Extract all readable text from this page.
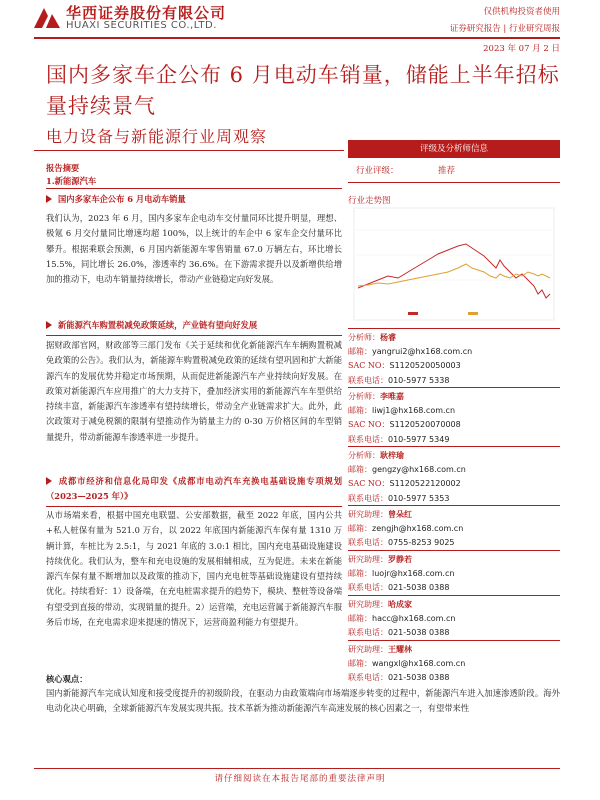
华西证券股份有限公司
HUAXI SECURITIES CO.,LTD.
仅供机构投资者使用
证券研究报告 | 行业研究周报
2023 年 07 月 2 日
国内多家车企公布 6 月电动车销量，储能上半年招标量持续景气
电力设备与新能源行业周观察
报告摘要
1.新能源汽车
国内多家车企公布 6 月电动车销量

我们认为，2023 年 6 月，国内多家车企电动车交付量同环比提升明显，理想、极氪 6 月交付量同比增速均超 100%，以上统计的车企中 6 家车企交付量环比攀升。根据乘联会预测，6 月国内新能源车零售销量 67.0 万辆左右，环比增长 15.5%，同比增长 26.0%，渗透率约 36.6%。在下游需求提升以及新增供给增加的推动下，电动车销量持续增长，带动产业链稳定向好发展。

新能源汽车购置税减免政策延续，产业链有望向好发展

据财政部官网，财政部等三部门发布《关于延续和优化新能源汽车车辆购置税减免政策的公告》。我们认为，新能源车购置税减免政策的延续有望巩固和扩大新能源汽车的发展优势并稳定市场预期，从而促进新能源汽车产业持续向好发展。在政策对新能源汽车应用推广的大力支持下，叠加经济实用的新能源汽车车型供给持续丰富，新能源汽车渗透率有望持续增长，带动全产业链需求扩大。此外，此次政策对于减免税额的限制有望推动作为销量主力的 0-30 万价格区间的车型销量提升，带动新能源车渗透率进一步提升。

成都市经济和信息化局印发《成都市电动汽车充换电基础设施专项规划（2023—2025 年）》

从市场端来看，根据中国充电联盟、公安部数据，截至 2022 年底，国内公共+私人桩保有量为 521.0 万台，以 2022 年底国内新能源汽车保有量 1310 万辆计算，车桩比为 2.5:1，与 2021 年底的 3.0:1 相比，国内充电基础设施建设持续优化。我们认为，整车和充电设施的发展相辅相成，互为促进。未来在新能源汽车保有量不断增加以及政策的推动下，国内充电桩等基础设施建设有望持续优化。持续看好：1）设备端，在充电桩需求提升的趋势下，模块、整桩等设备端有望受到直接的带动，实现销量的提升。2）运营端，充电运营属于新能源汽车服务后市场，在充电需求迎来提速的情况下，运营商盈利能力有望提升。

核心观点：

国内新能源汽车完成认知度和接受度提升的初级阶段，在驱动力由政策端向市场端逐步转变的过程中，新能源汽车进入加速渗透阶段。海外电动化决心明确，全球新能源汽车发展实现共振。技术革新为推动新能源汽车高速发展的核心因素之一，有望带来性

评级及分析师信息
行业评级：	推荐
行业走势图
分析师：杨睿
邮箱：yangrui2@hx168.com.cn
SAC NO：S1120520050003
联系电话：010-5977 5338
分析师：李唯嘉
邮箱：liwj1@hx168.com.cn
SAC NO：S1120520070008
联系电话：010-5977 5349
分析师：耿梓瑜
邮箱：gengzy@hx168.com.cn
SAC NO：S1120522120002
联系电话：010-5977 5353
研究助理：曾朵红
邮箱：zengjh@hx168.com.cn
联系电话：0755-8253 9025
研究助理：罗静若
邮箱：luojr@hx168.com.cn
联系电话：021-5038 0388
研究助理：哈成家
邮箱：hacc@hx168.com.cn
联系电话：021-5038 0388
研究助理：王耀林
邮箱：wangxl@hx168.com.cn
联系电话：021-5038 0388
请仔细阅读在本报告尾部的重要法律声明
